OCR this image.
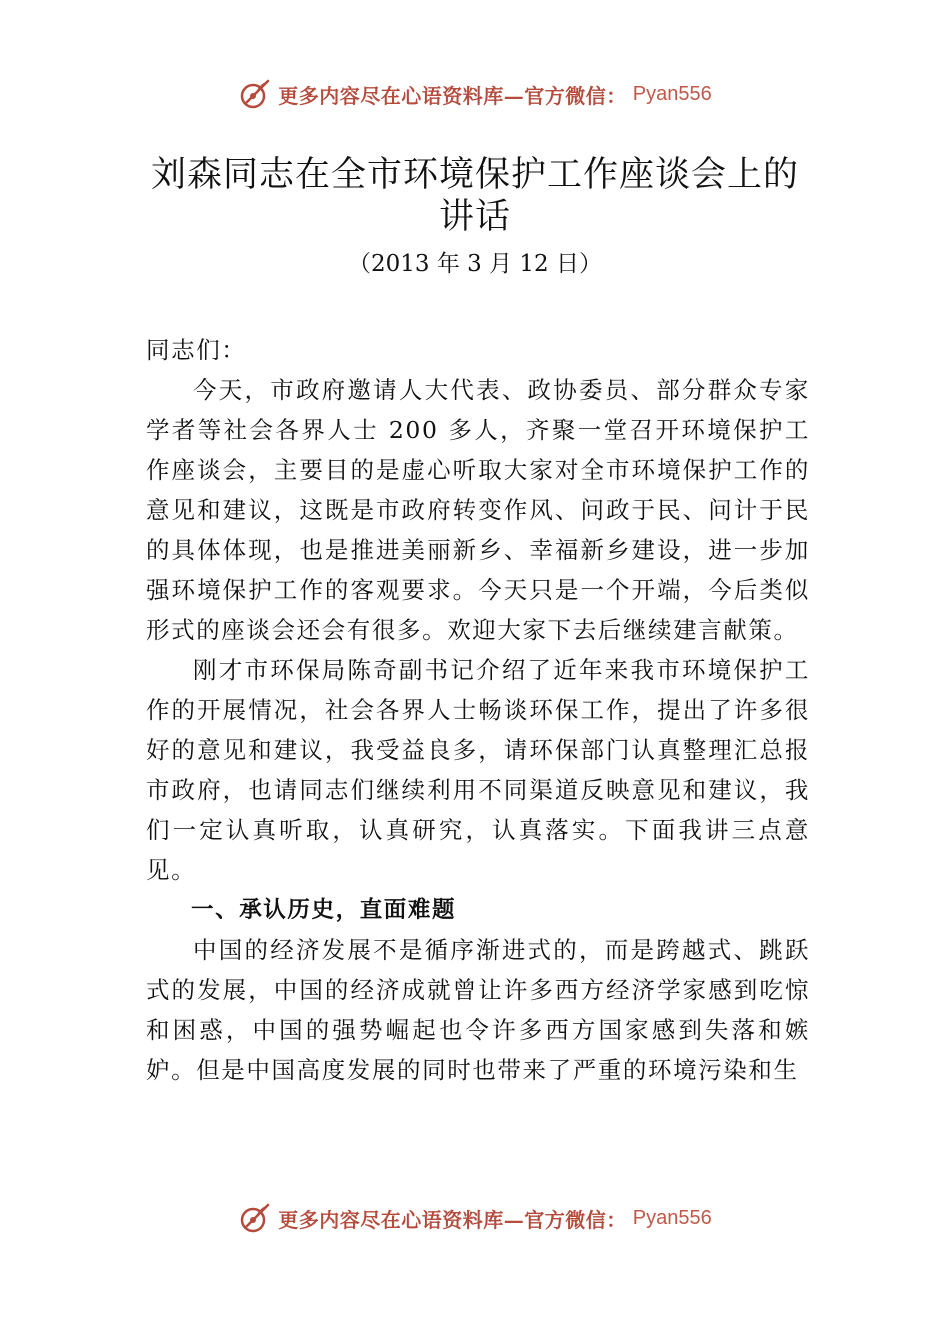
更多内容尽在心语资料库—官方微信： Pyan556
刘森同志在全市环境保护工作座谈会上的讲话
（2013 年 3 月 12 日）

同志们：

今天，市政府邀请人大代表、政协委员、部分群众专家学者等社会各界人士 200 多人，齐聚一堂召开环境保护工作座谈会，主要目的是虚心听取大家对全市环境保护工作的意见和建议，这既是市政府转变作风、问政于民、问计于民的具体体现，也是推进美丽新乡、幸福新乡建设，进一步加强环境保护工作的客观要求。今天只是一个开端，今后类似形式的座谈会还会有很多。欢迎大家下去后继续建言献策。

刚才市环保局陈奇副书记介绍了近年来我市环境保护工作的开展情况，社会各界人士畅谈环保工作，提出了许多很好的意见和建议，我受益良多，请环保部门认真整理汇总报市政府，也请同志们继续利用不同渠道反映意见和建议，我们一定认真听取，认真研究，认真落实。下面我讲三点意见。

一、承认历史，直面难题

中国的经济发展不是循序渐进式的，而是跨越式、跳跃式的发展，中国的经济成就曾让许多西方经济学家感到吃惊和困惑，中国的强势崛起也令许多西方国家感到失落和嫉妒。但是中国高度发展的同时也带来了严重的环境污染和生

更多内容尽在心语资料库—官方微信： Pyan556
